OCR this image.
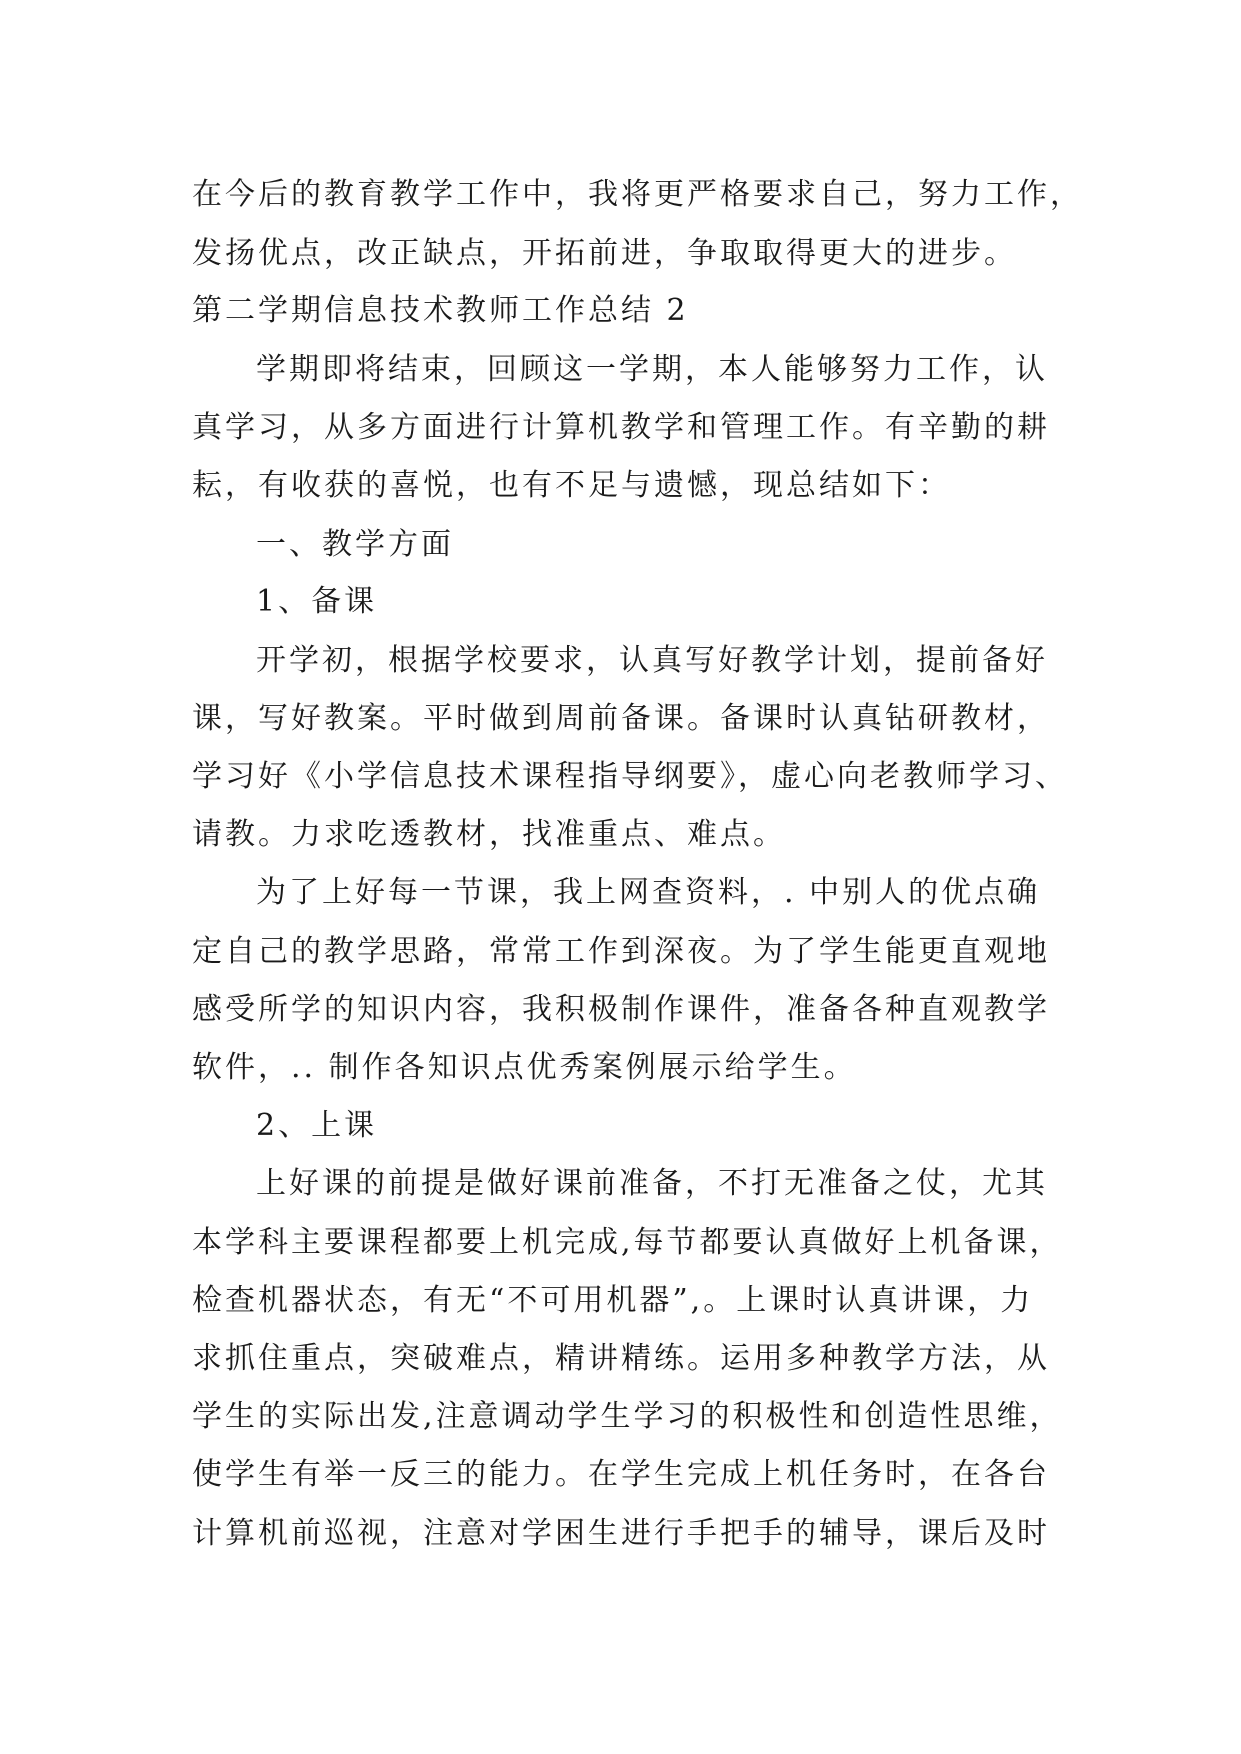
在今后的教育教学工作中，我将更严格要求自己，努力工作，
发扬优点，改正缺点，开拓前进，争取取得更大的进步。
第二学期信息技术教师工作总结 2
学期即将结束，回顾这一学期，本人能够努力工作，认
真学习，从多方面进行计算机教学和管理工作。有辛勤的耕
耘，有收获的喜悦，也有不足与遗憾，现总结如下：
一、教学方面
1、备课
开学初，根据学校要求，认真写好教学计划，提前备好
课，写好教案。平时做到周前备课。备课时认真钻研教材，
学习好《小学信息技术课程指导纲要》，虚心向老教师学习、
请教。力求吃透教材，找准重点、难点。
为了上好每一节课，我上网查资料，. 中别人的优点确
定自己的教学思路，常常工作到深夜。为了学生能更直观地
感受所学的知识内容，我积极制作课件，准备各种直观教学
软件，.. 制作各知识点优秀案例展示给学生。
2、上课
上好课的前提是做好课前准备，不打无准备之仗，尤其
本学科主要课程都要上机完成,每节都要认真做好上机备课，
检查机器状态，有无“不可用机器”,。上课时认真讲课，力
求抓住重点，突破难点，精讲精练。运用多种教学方法，从
学生的实际出发,注意调动学生学习的积极性和创造性思维，
使学生有举一反三的能力。在学生完成上机任务时，在各台
计算机前巡视，注意对学困生进行手把手的辅导，课后及时
